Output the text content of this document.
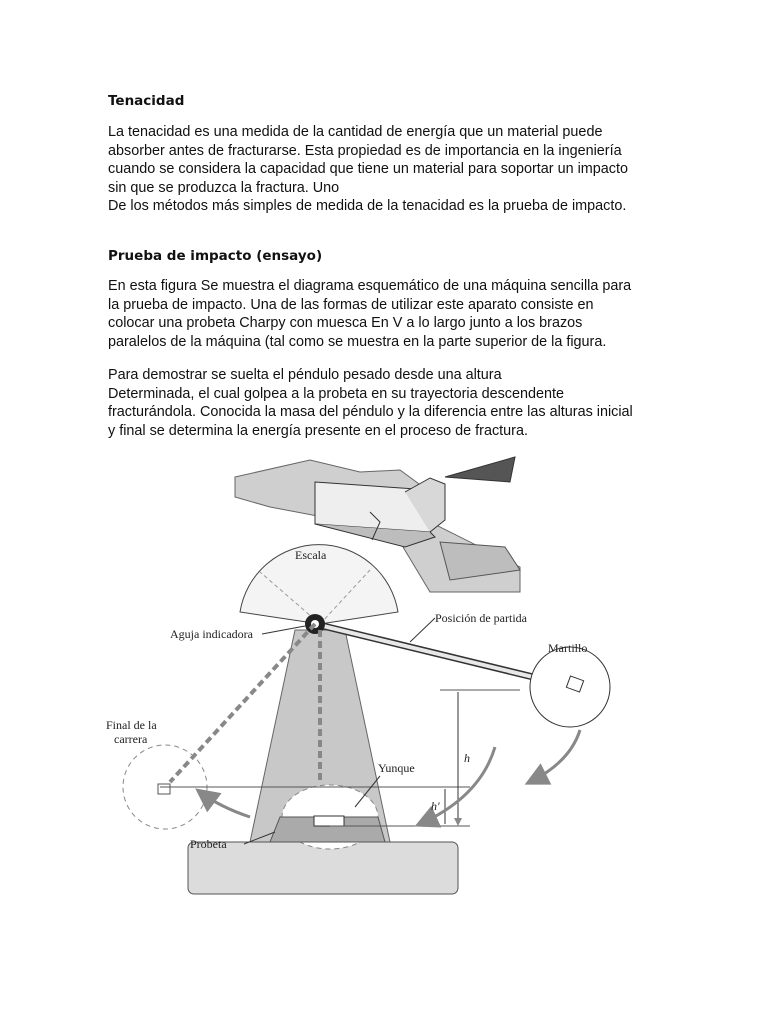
Tenacidad

La tenacidad es una medida de la cantidad de energía que un material puede
absorber antes de fracturarse. Esta propiedad es de importancia en la ingeniería
cuando se considera la capacidad que tiene un material para soportar un impacto
sin que se produzca la fractura. Uno
De los métodos más simples de medida de la tenacidad es la prueba de impacto.

Prueba de impacto (ensayo)

En esta figura Se muestra el diagrama esquemático de una máquina sencilla para
la prueba de impacto. Una de las formas de utilizar este aparato consiste en
colocar una probeta Charpy con muesca En V a lo largo junto a los brazos
paralelos de la máquina (tal como se muestra en la parte superior de la figura.

Para demostrar se suelta el péndulo pesado desde una altura
Determinada, el cual golpea a la probeta en su trayectoria descendente
fracturándola. Conocida la masa del péndulo y la diferencia entre las alturas inicial
y final se determina la energía presente en el proceso de fractura.

Escala
Aguja indicadora
Posición de partida
Martillo
Final de la
carrera
Yunque
Probeta
h
h′
